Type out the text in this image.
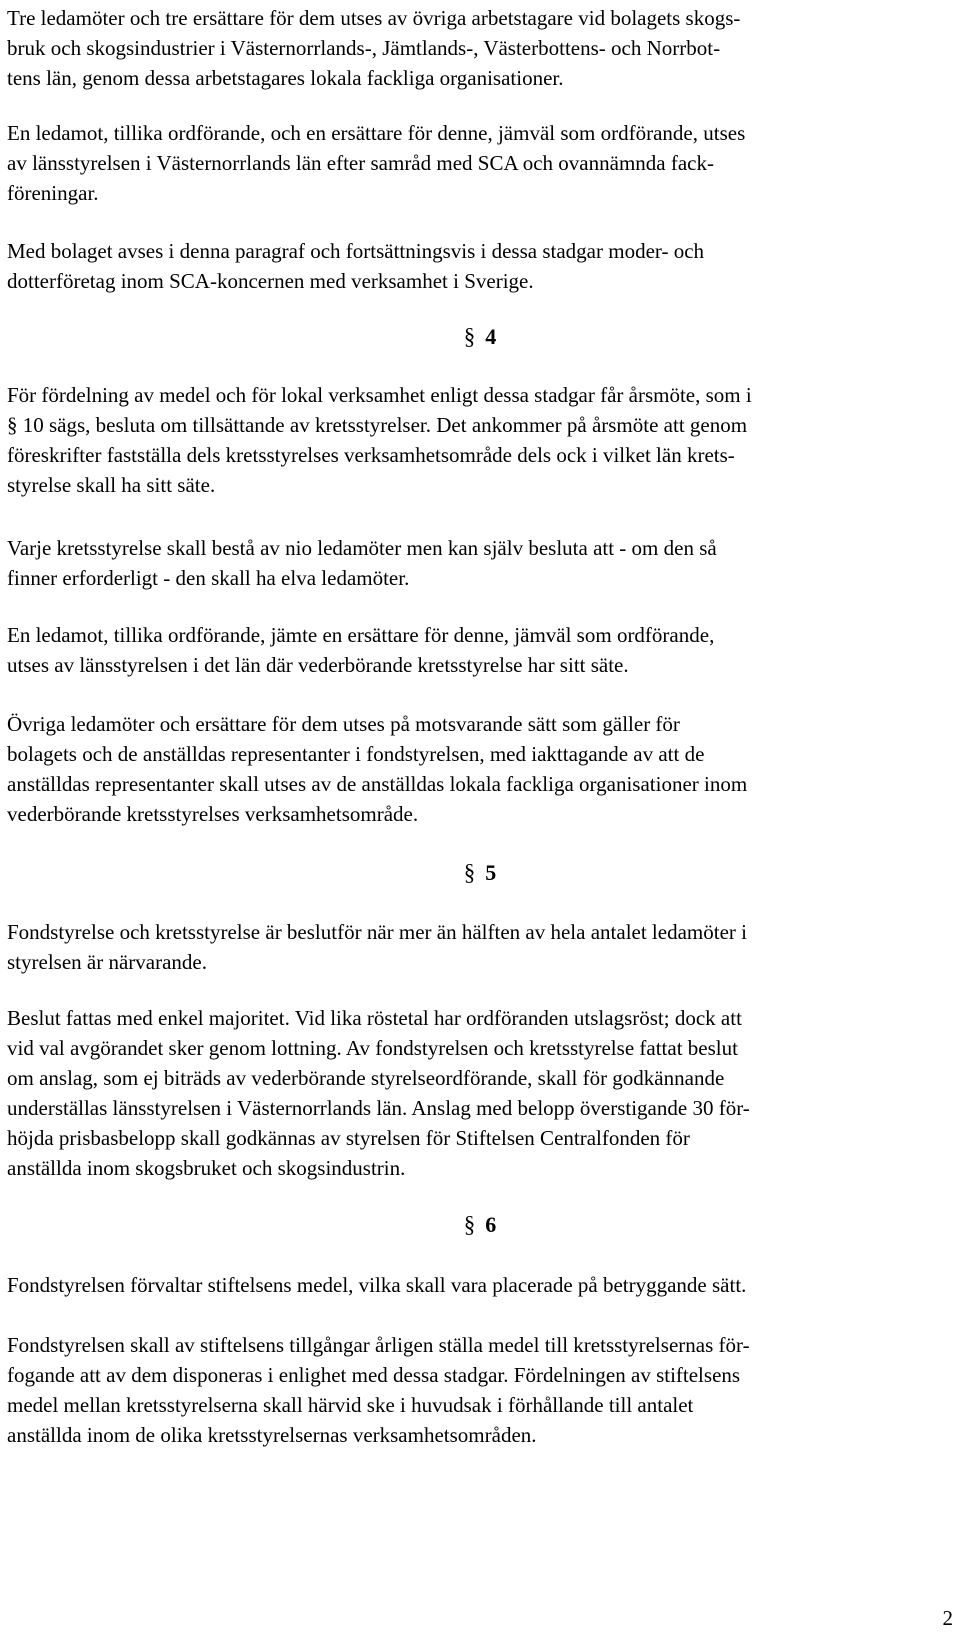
Tre ledamöter och tre ersättare för dem utses av övriga arbetstagare vid bolagets skogs-
bruk och skogsindustrier i Västernorrlands-, Jämtlands-, Västerbottens- och Norrbot-
tens län, genom dessa arbetstagares lokala fackliga organisationer.
En ledamot, tillika ordförande, och en ersättare för denne, jämväl som ordförande, utses
av länsstyrelsen i Västernorrlands län efter samråd med SCA och ovannämnda fack-
föreningar.
Med bolaget avses i denna paragraf och fortsättningsvis i dessa stadgar moder- och
dotterföretag inom SCA-koncernen med verksamhet i Sverige.
§ 4
För fördelning av medel och för lokal verksamhet enligt dessa stadgar får årsmöte, som i
§ 10 sägs, besluta om tillsättande av kretsstyrelser. Det ankommer på årsmöte att genom
föreskrifter fastställa dels kretsstyrelses verksamhetsområde dels ock i vilket län krets-
styrelse skall ha sitt säte.
Varje kretsstyrelse skall bestå av nio ledamöter men kan själv besluta att - om den så
finner erforderligt - den skall ha elva ledamöter.
En ledamot, tillika ordförande, jämte en ersättare för denne, jämväl som ordförande,
utses av länsstyrelsen i det län där vederbörande kretsstyrelse har sitt säte.
Övriga ledamöter och ersättare för dem utses på motsvarande sätt som gäller för
bolagets och de anställdas representanter i fondstyrelsen, med iakttagande av att de
anställdas representanter skall utses av de anställdas lokala fackliga organisationer inom
vederbörande kretsstyrelses verksamhetsområde.
§ 5
Fondstyrelse och kretsstyrelse är beslutför när mer än hälften av hela antalet ledamöter i
styrelsen är närvarande.
Beslut fattas med enkel majoritet. Vid lika röstetal har ordföranden utslagsröst; dock att
vid val avgörandet sker genom lottning. Av fondstyrelsen och kretsstyrelse fattat beslut
om anslag, som ej biträds av vederbörande styrelseordförande, skall för godkännande
underställas länsstyrelsen i Västernorrlands län. Anslag med belopp överstigande 30 för-
höjda prisbasbelopp skall godkännas av styrelsen för Stiftelsen Centralfonden för
anställda inom skogsbruket och skogsindustrin.
§ 6
Fondstyrelsen förvaltar stiftelsens medel, vilka skall vara placerade på betryggande sätt.
Fondstyrelsen skall av stiftelsens tillgångar årligen ställa medel till kretsstyrelsernas för-
fogande att av dem disponeras i enlighet med dessa stadgar. Fördelningen av stiftelsens
medel mellan kretsstyrelserna skall härvid ske i huvudsak i förhållande till antalet
anställda inom de olika kretsstyrelsernas verksamhetsområden.
2
